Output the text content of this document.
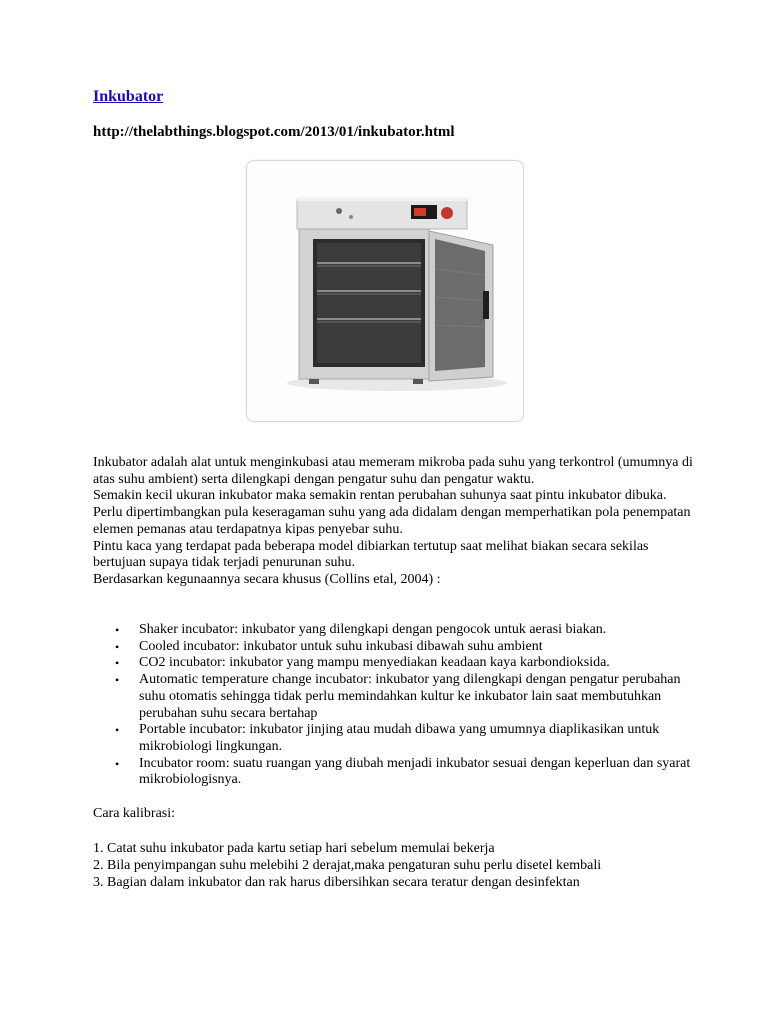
Inkubator
http://thelabthings.blogspot.com/2013/01/inkubator.html

Inkubator adalah alat untuk menginkubasi atau memeram mikroba pada suhu yang terkontrol (umumnya di atas suhu ambient) serta dilengkapi dengan pengatur suhu dan pengatur waktu.

Semakin kecil ukuran inkubator maka semakin rentan perubahan suhunya saat pintu inkubator dibuka.

Perlu dipertimbangkan pula keseragaman suhu yang ada didalam dengan memperhatikan pola penempatan elemen pemanas atau terdapatnya kipas penyebar suhu.

Pintu kaca yang terdapat pada beberapa model dibiarkan tertutup saat melihat biakan secara sekilas bertujuan supaya tidak terjadi penurunan suhu.

Berdasarkan kegunaannya secara khusus (Collins etal, 2004) :

• Shaker incubator: inkubator yang dilengkapi dengan pengocok untuk aerasi biakan.
• Cooled incubator: inkubator untuk suhu inkubasi dibawah suhu ambient
• CO2 incubator: inkubator yang mampu menyediakan keadaan kaya karbondioksida.
• Automatic temperature change incubator: inkubator yang dilengkapi dengan pengatur perubahan suhu otomatis sehingga tidak perlu memindahkan kultur ke inkubator lain saat membutuhkan perubahan suhu secara bertahap
• Portable incubator: inkubator jinjing atau mudah dibawa yang umumnya diaplikasikan untuk mikrobiologi lingkungan.
• Incubator room: suatu ruangan yang diubah menjadi inkubator sesuai dengan keperluan dan syarat mikrobiologisnya.
Cara kalibrasi:

1. Catat suhu inkubator pada kartu setiap hari sebelum memulai bekerja

2. Bila penyimpangan suhu melebihi 2 derajat,maka pengaturan suhu perlu disetel kembali

3. Bagian dalam inkubator dan rak harus dibersihkan secara teratur dengan desinfektan
